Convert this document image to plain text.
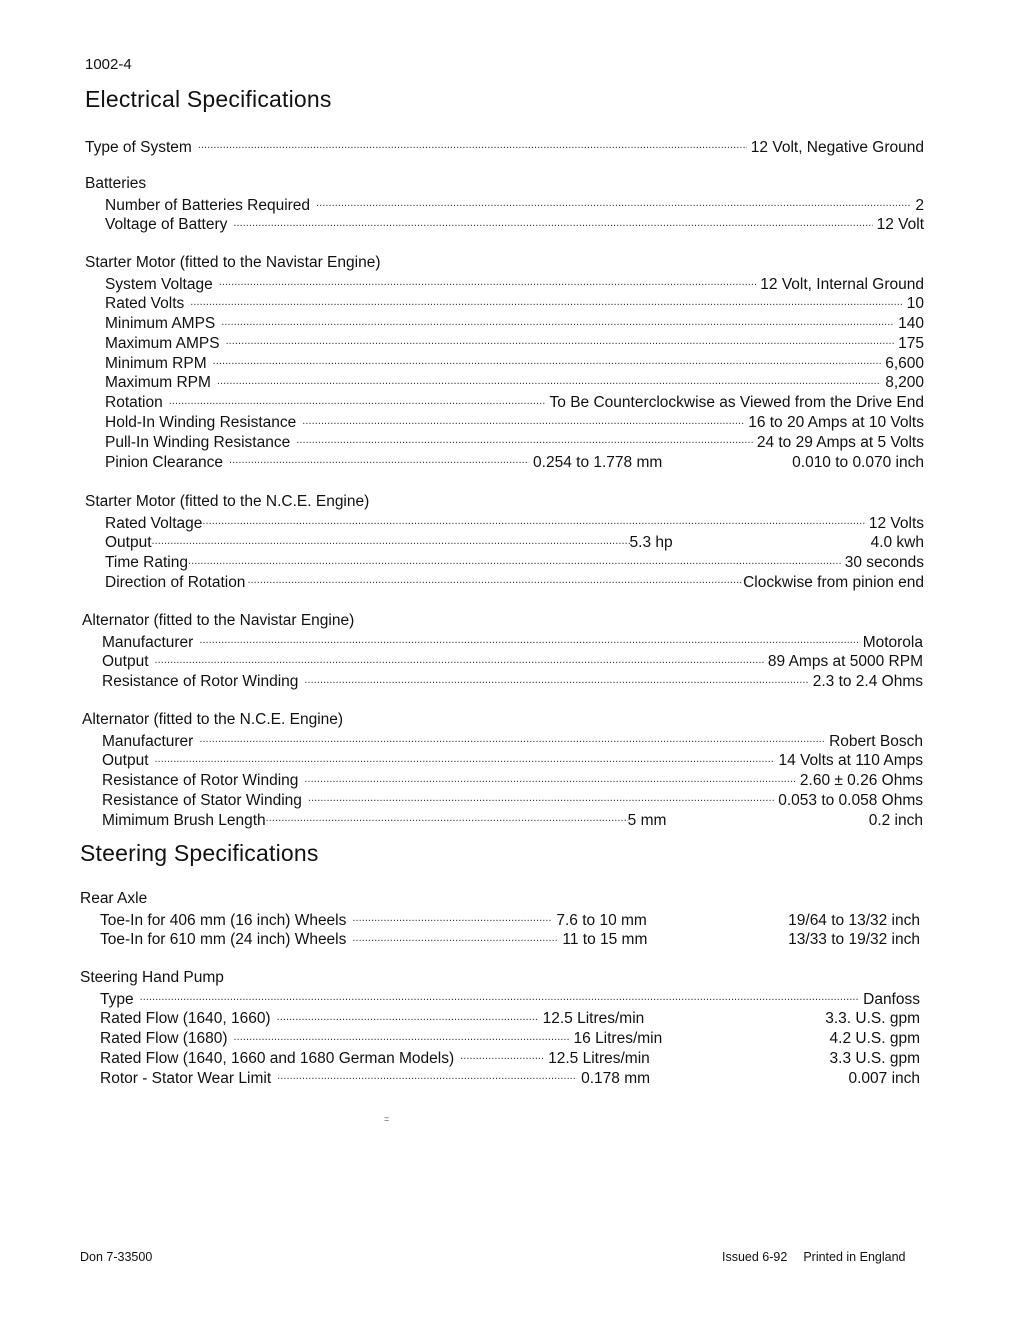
1002-4
Electrical Specifications
Type of System . . .	12 Volt, Negative Ground
Batteries
Number of Batteries Required . . .	2
Voltage of Battery . . .	12 Volt
Starter Motor (fitted to the Navistar Engine)
System Voltage . . .	12 Volt, Internal Ground
Rated Volts . . .	10
Minimum AMPS . . .	140
Maximum AMPS . . .	175
Minimum RPM . . .	6,600
Maximum RPM . . .	8,200
Rotation . . .	To Be Counterclockwise as Viewed from the Drive End
Hold-In Winding Resistance . . .	16 to 20 Amps at 10 Volts
Pull-In Winding Resistance . . .	24 to 29 Amps at 5 Volts
Pinion Clearance . . .	0.254 to 1.778 mm	0.010 to 0.070 inch
Starter Motor (fitted to the N.C.E. Engine)
Rated Voltage . . .	12 Volts
Output . . .	5.3 hp	4.0 kwh
Time Rating . . .	30 seconds
Direction of Rotation . . .	Clockwise from pinion end
Alternator (fitted to the Navistar Engine)
Manufacturer . . .	Motorola
Output . . .	89 Amps at 5000 RPM
Resistance of Rotor Winding . . .	2.3 to 2.4 Ohms
Alternator (fitted to the N.C.E. Engine)
Manufacturer . . .	Robert Bosch
Output . . .	14 Volts at 110 Amps
Resistance of Rotor Winding . . .	2.60 ± 0.26 Ohms
Resistance of Stator Winding . . .	0.053 to 0.058 Ohms
Mimimum Brush Length . . .	5 mm	0.2 inch
Steering Specifications
Rear Axle
Toe-In for 406 mm (16 inch) Wheels . . .	7.6 to 10 mm	19/64 to 13/32 inch
Toe-In for 610 mm (24 inch) Wheels . . .	11 to 15 mm	13/33 to 19/32 inch
Steering Hand Pump
Type . . .	Danfoss
Rated Flow (1640, 1660) . . .	12.5 Litres/min	3.3. U.S. gpm
Rated Flow (1680) . . .	16 Litres/min	4.2 U.S. gpm
Rated Flow (1640, 1660 and 1680 German Models) . . .	12.5 Litres/min	3.3 U.S. gpm
Rotor - Stator Wear Limit . . .	0.178 mm	0.007 inch
=
Don 7-33500	Issued 6-92 Printed in England
